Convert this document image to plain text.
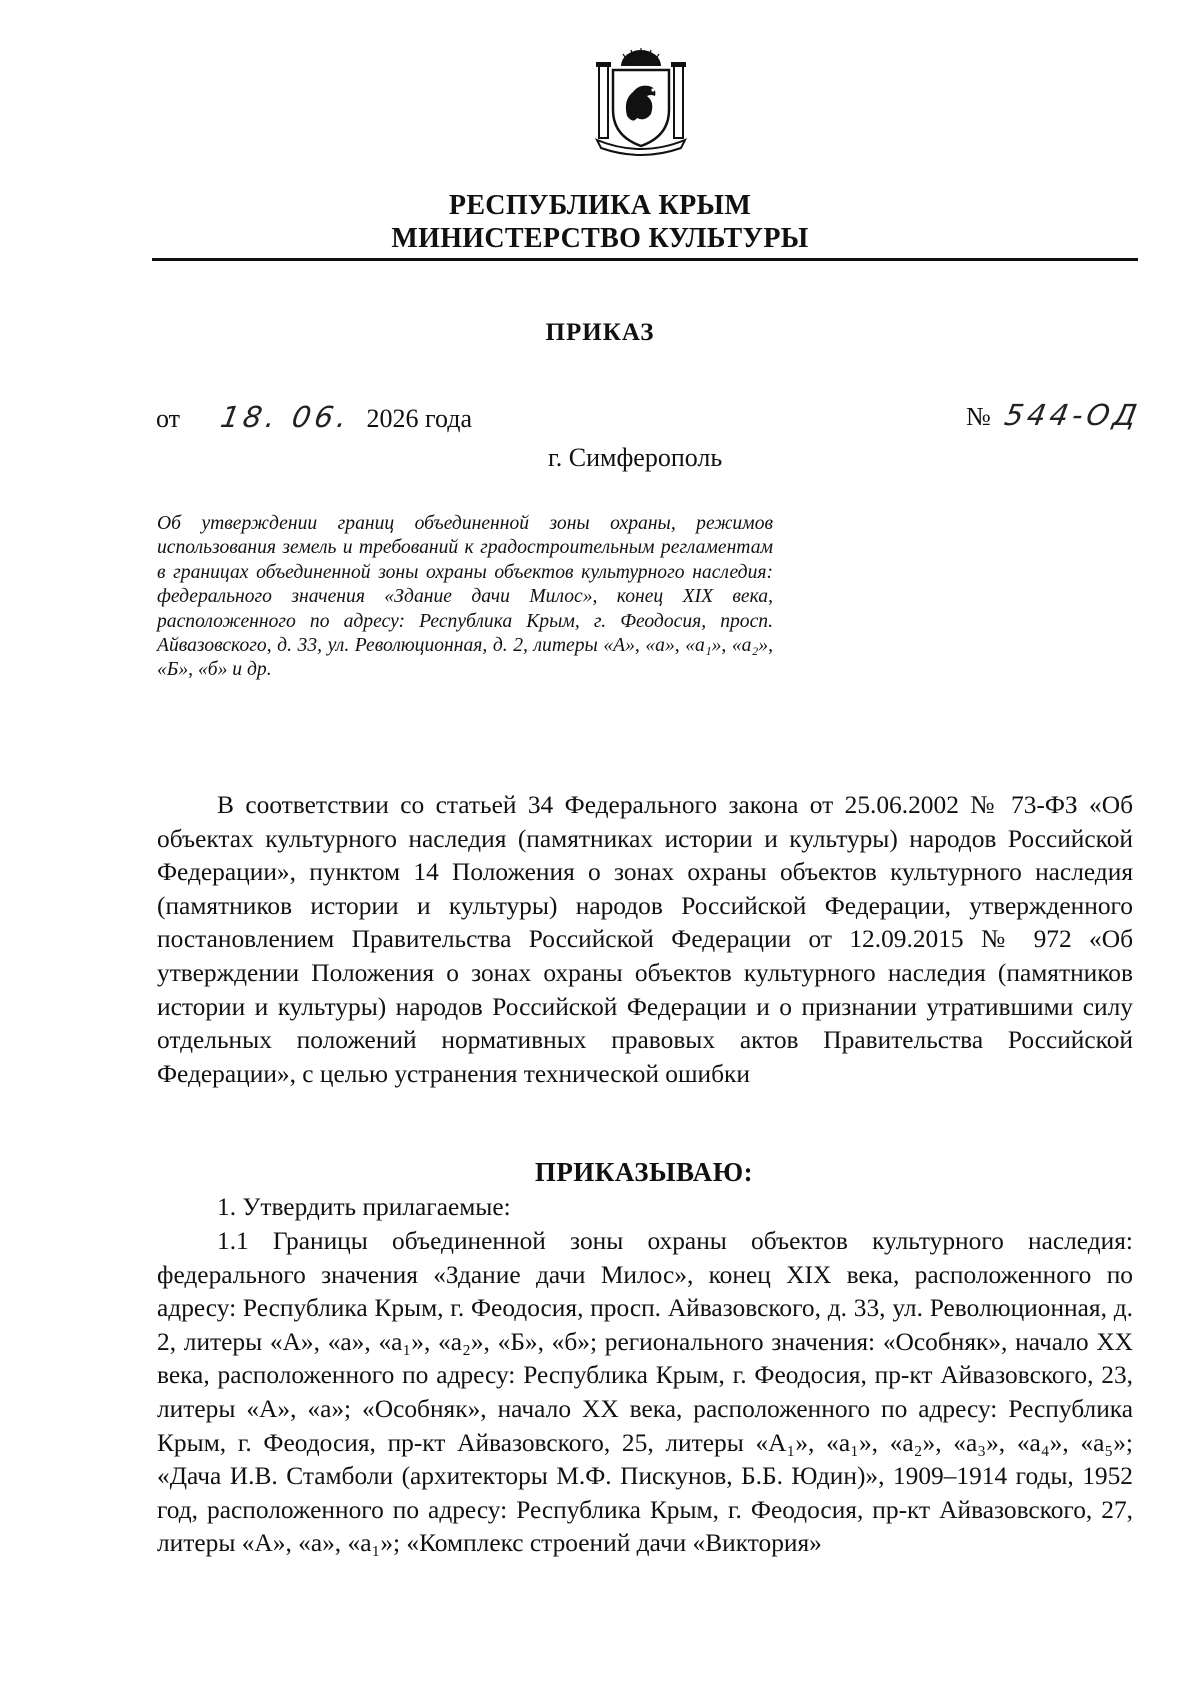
РЕСПУБЛИКА КРЫМ
МИНИСТЕРСТВО КУЛЬТУРЫ
ПРИКАЗ
от 18. 06. 2026 года	№ 544-ОД
г. Симферополь
Об утверждении границ объединенной зоны охраны, режимов использования земель и требований к градостроительным регламентам в границах объединенной зоны охраны объектов культурного наследия: федерального значения «Здание дачи Милос», конец XIX века, расположенного по адресу: Республика Крым, г. Феодосия, просп. Айвазовского, д. 33, ул. Революционная, д. 2, литеры «А», «а», «а₁», «а₂», «Б», «б» и др.
В соответствии со статьей 34 Федерального закона от 25.06.2002 № 73-ФЗ «Об объектах культурного наследия (памятниках истории и культуры) народов Российской Федерации», пунктом 14 Положения о зонах охраны объектов культурного наследия (памятников истории и культуры) народов Российской Федерации, утвержденного постановлением Правительства Российской Федерации от 12.09.2015 № 972 «Об утверждении Положения о зонах охраны объектов культурного наследия (памятников истории и культуры) народов Российской Федерации и о признании утратившими силу отдельных положений нормативных правовых актов Правительства Российской Федерации», с целью устранения технической ошибки
ПРИКАЗЫВАЮ:
1. Утвердить прилагаемые:
1.1 Границы объединенной зоны охраны объектов культурного наследия: федерального значения «Здание дачи Милос», конец XIX века, расположенного по адресу: Республика Крым, г. Феодосия, просп. Айвазовского, д. 33, ул. Революционная, д. 2, литеры «А», «а», «а₁», «а₂», «Б», «б»; регионального значения: «Особняк», начало XX века, расположенного по адресу: Республика Крым, г. Феодосия, пр-кт Айвазовского, 23, литеры «А», «а»; «Особняк», начало XX века, расположенного по адресу: Республика Крым, г. Феодосия, пр-кт Айвазовского, 25, литеры «А₁», «а₁», «а₂», «а₃», «а₄», «а₅»; «Дача И.В. Стамболи (архитекторы М.Ф. Пискунов, Б.Б. Юдин)», 1909–1914 годы, 1952 год, расположенного по адресу: Республика Крым, г. Феодосия, пр-кт Айвазовского, 27, литеры «А», «а», «а₁»; «Комплекс строений дачи «Виктория»
